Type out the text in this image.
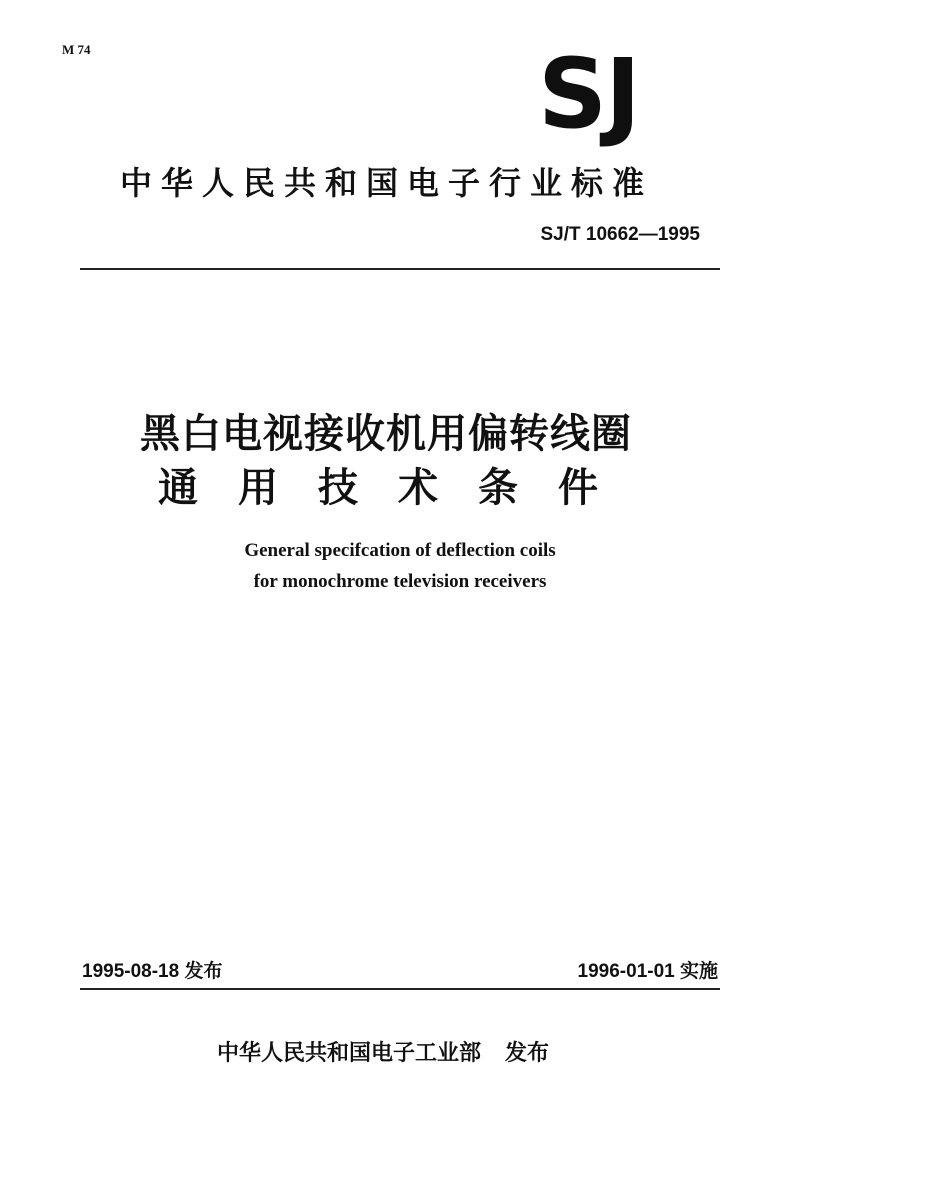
M 74	SJ
中华人民共和国电子行业标准
SJ/T 10662—1995
黑白电视接收机用偏转线圈
通用技术条件
General specifcation of deflection coils
for monochrome television receivers
1995-08-18 发布	1996-01-01 实施
中华人民共和国电子工业部 发布
